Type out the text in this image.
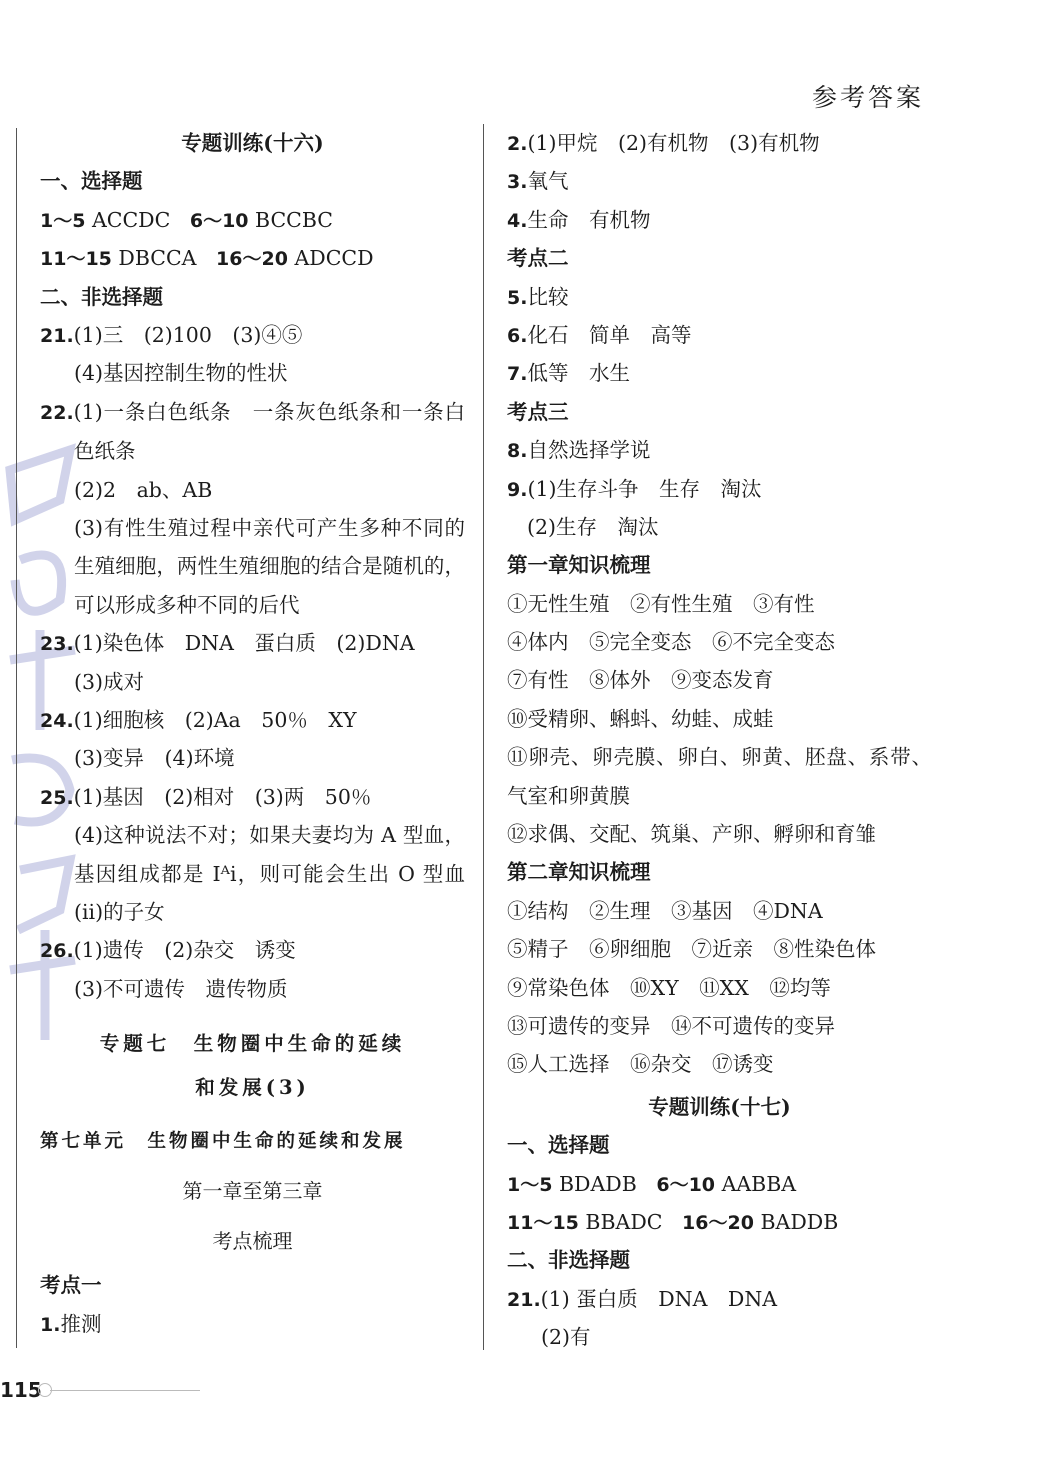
参考答案
专题训练(十六)
一、选择题
1～5 ACCDC 6～10 BCCBC
11～15 DBCCA 16～20 ADCCD
二、非选择题
21.(1)三　(2)100　(3)④⑤
(4)基因控制生物的性状
22.(1)一条白色纸条　一条灰色纸条和一条白色纸条
(2)2　ab、AB
(3)有性生殖过程中亲代可产生多种不同的生殖细胞，两性生殖细胞的结合是随机的，可以形成多种不同的后代
23.(1)染色体　DNA　蛋白质　(2)DNA
(3)成对
24.(1)细胞核　(2)Aa　50％　XY
(3)变异　(4)环境
25.(1)基因　(2)相对　(3)两　50％
(4)这种说法不对；如果夫妻均为 A 型血，基因组成都是 Iᴬi，则可能会生出 O 型血(ii)的子女
26.(1)遗传　(2)杂交　诱变
(3)不可遗传　遗传物质
专题七　生物圈中生命的延续
和发展(3)
第七单元　生物圈中生命的延续和发展
第一章至第三章
考点梳理
考点一
1.推测
2.(1)甲烷　(2)有机物　(3)有机物
3.氧气
4.生命　有机物
考点二
5.比较
6.化石　简单　高等
7.低等　水生
考点三
8.自然选择学说
9.(1)生存斗争　生存　淘汰
(2)生存　淘汰
第一章知识梳理
①无性生殖　②有性生殖　③有性
④体内　⑤完全变态　⑥不完全变态
⑦有性　⑧体外　⑨变态发育
⑩受精卵、蝌蚪、幼蛙、成蛙
⑪卵壳、卵壳膜、卵白、卵黄、胚盘、系带、气室和卵黄膜
⑫求偶、交配、筑巢、产卵、孵卵和育雏
第二章知识梳理
①结构　②生理　③基因　④DNA
⑤精子　⑥卵细胞　⑦近亲　⑧性染色体
⑨常染色体　⑩XY　⑪XX　⑫均等
⑬可遗传的变异　⑭不可遗传的变异
⑮人工选择　⑯杂交　⑰诱变
专题训练(十七)
一、选择题
1～5 BDADB 6～10 AABBA
11～15 BBADC 16～20 BADDB
二、非选择题
21.(1) 蛋白质　DNA　DNA
(2)有
115
